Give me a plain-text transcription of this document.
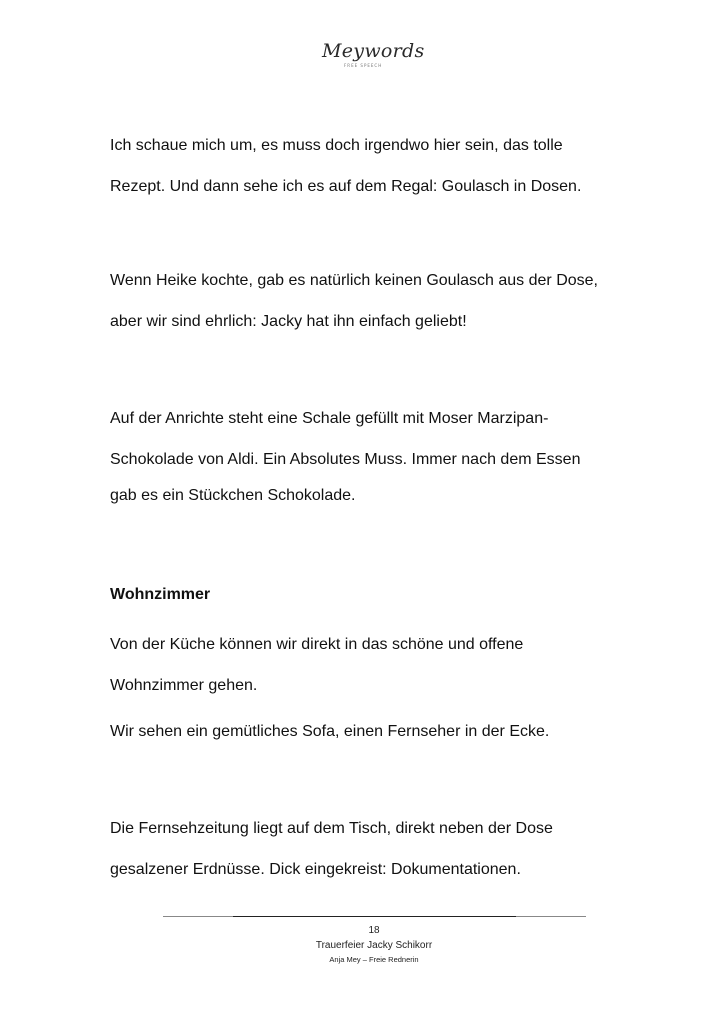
Meywords
FREE SPEECH
Ich schaue mich um, es muss doch irgendwo hier sein, das tolle
Rezept. Und dann sehe ich es auf dem Regal: Goulasch in Dosen.
Wenn Heike kochte, gab es natürlich keinen Goulasch aus der Dose,
aber wir sind ehrlich: Jacky hat ihn einfach geliebt!
Auf der Anrichte steht eine Schale gefüllt mit Moser Marzipan-
Schokolade von Aldi. Ein Absolutes Muss. Immer nach dem Essen
gab es ein Stückchen Schokolade.
Wohnzimmer
Von der Küche können wir direkt in das schöne und offene
Wohnzimmer gehen.
Wir sehen ein gemütliches Sofa, einen Fernseher in der Ecke.
Die Fernsehzeitung liegt auf dem Tisch, direkt neben der Dose
gesalzener Erdnüsse. Dick eingekreist: Dokumentationen.
18
Trauerfeier Jacky Schikorr
Anja Mey – Freie Rednerin
